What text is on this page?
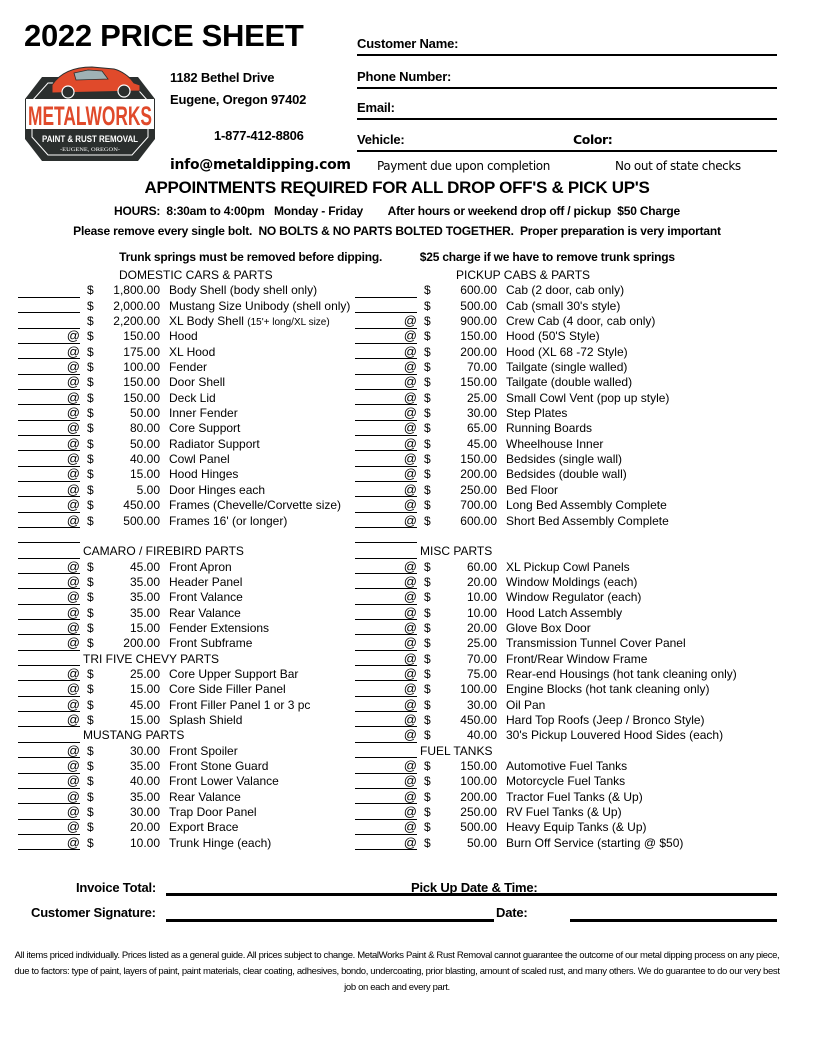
2022 PRICE SHEET
METALWORKS
PAINT & RUST REMOVAL
-EUGENE, OREGON-
1182 Bethel Drive
Eugene, Oregon 97402
1-877-412-8806
info@metaldipping.com
Customer Name:
Phone Number:
Email:
Vehicle:	Color:
Payment due upon completion	No out of state checks
APPOINTMENTS REQUIRED FOR ALL DROP OFF'S & PICK UP'S
HOURS:  8:30am to 4:00pm   Monday - Friday        After hours or weekend drop off / pickup  $50 Charge
Please remove every single bolt.  NO BOLTS & NO PARTS BOLTED TOGETHER.  Proper preparation is very important
Trunk springs must be removed before dipping.            $25 charge if we have to remove trunk springs
DOMESTIC CARS & PARTS
$	1,800.00 Body Shell (body shell only)
$	2,000.00 Mustang Size Unibody (shell only)
$	2,200.00 XL Body Shell (15'+ long/XL size)
@ $	150.00 Hood
@ $	175.00 XL Hood
@ $	100.00 Fender
@ $	150.00 Door Shell
@ $	150.00 Deck Lid
@ $	50.00 Inner Fender
@ $	80.00 Core Support
@ $	50.00 Radiator Support
@ $	40.00 Cowl Panel
@ $	15.00 Hood Hinges
@ $	5.00 Door Hinges each
@ $	450.00 Frames (Chevelle/Corvette size)
@ $	500.00 Frames 16' (or longer)
CAMARO / FIREBIRD PARTS
@ $	45.00 Front Apron
@ $	35.00 Header Panel
@ $	35.00 Front Valance
@ $	35.00 Rear Valance
@ $	15.00 Fender Extensions
@ $	200.00 Front Subframe
TRI FIVE CHEVY PARTS
@ $	25.00 Core Upper Support Bar
@ $	15.00 Core Side Filler Panel
@ $	45.00 Front Filler Panel 1 or 3 pc
@ $	15.00 Splash Shield
MUSTANG PARTS
@ $	30.00 Front Spoiler
@ $	35.00 Front Stone Guard
@ $	40.00 Front Lower Valance
@ $	35.00 Rear Valance
@ $	30.00 Trap Door Panel
@ $	20.00 Export Brace
@ $	10.00 Trunk Hinge (each)
PICKUP CABS & PARTS
$	600.00 Cab (2 door, cab only)
$	500.00 Cab (small 30's style)
@ $	900.00 Crew Cab (4 door, cab only)
@ $	150.00 Hood (50'S Style)
@ $	200.00 Hood (XL 68 -72 Style)
@ $	70.00 Tailgate (single walled)
@ $	150.00 Tailgate (double walled)
@ $	25.00 Small Cowl Vent (pop up style)
@ $	30.00 Step Plates
@ $	65.00 Running Boards
@ $	45.00 Wheelhouse Inner
@ $	150.00 Bedsides (single wall)
@ $	200.00 Bedsides (double wall)
@ $	250.00 Bed Floor
@ $	700.00 Long Bed Assembly Complete
@ $	600.00 Short Bed Assembly Complete
MISC PARTS
@ $	60.00 XL Pickup Cowl Panels
@ $	20.00 Window Moldings (each)
@ $	10.00 Window Regulator (each)
@ $	10.00 Hood Latch Assembly
@ $	20.00 Glove Box Door
@ $	25.00 Transmission Tunnel Cover Panel
@ $	70.00 Front/Rear Window Frame
@ $	75.00 Rear-end Housings (hot tank cleaning only)
@ $	100.00 Engine Blocks (hot tank cleaning only)
@ $	30.00 Oil Pan
@ $	450.00 Hard Top Roofs (Jeep / Bronco Style)
@ $	40.00 30's Pickup Louvered Hood Sides (each)
FUEL TANKS
@ $	150.00 Automotive Fuel Tanks
@ $	100.00 Motorcycle Fuel Tanks
@ $	200.00 Tractor Fuel Tanks (& Up)
@ $	250.00 RV Fuel Tanks (& Up)
@ $	500.00 Heavy Equip Tanks (& Up)
@ $	50.00 Burn Off Service (starting @ $50)
Invoice Total:	Pick Up Date & Time:
Customer Signature:	Date:
All items priced individually. Prices listed as a general guide. All prices subject to change. MetalWorks Paint & Rust Removal cannot guarantee the outcome of our metal dipping process on any piece, due to factors: type of paint, layers of paint, paint materials, clear coating, adhesives, bondo, undercoating, prior blasting, amount of scaled rust, and many others. We do guarantee to do our very best job on each and every part.
